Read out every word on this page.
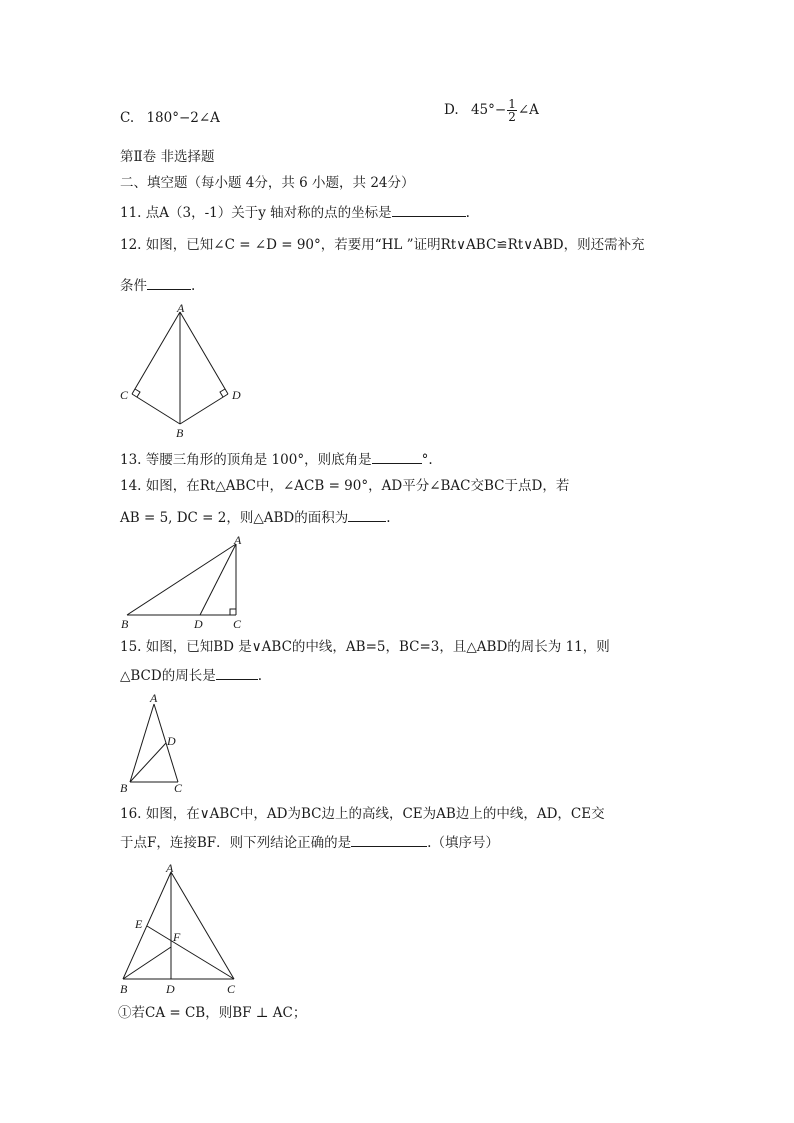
C. 180°−2∠A	D. $45^\circ- \frac{1}{2}$ ∠A
第Ⅱ卷 非选择题
二、填空题（每小题 4分，共 6 小题，共 24分）
11. 点A（3，-1）关于y 轴对称的点的坐标是	.
12. 如图，已知∠C = ∠D = 90°，若要用“HL ”证明Rt∨ABC≌Rt∨ABD，则还需补充
条件	.
A
B
C	D
13. 等腰三角形的顶角是 100°，则底角是	°.
14. 如图，在Rt△ABC中，∠ACB = 90°，AD平分∠BAC交BC于点D，若
AB = 5, DC = 2，则△ABD的面积为	.
A
B	D	C
15. 如图，已知BD 是∨ABC的中线，AB=5，BC=3，且△ABD的周长为 11，则
△BCD的周长是	.
A
D
B	C
16. 如图，在∨ABC中，AD为BC边上的高线，CE为AB边上的中线，AD，CE交
于点F，连接BF．则下列结论正确的是	.（填序号）
A
E
F
B	D	C
①若CA = CB，则BF ⊥ AC；
